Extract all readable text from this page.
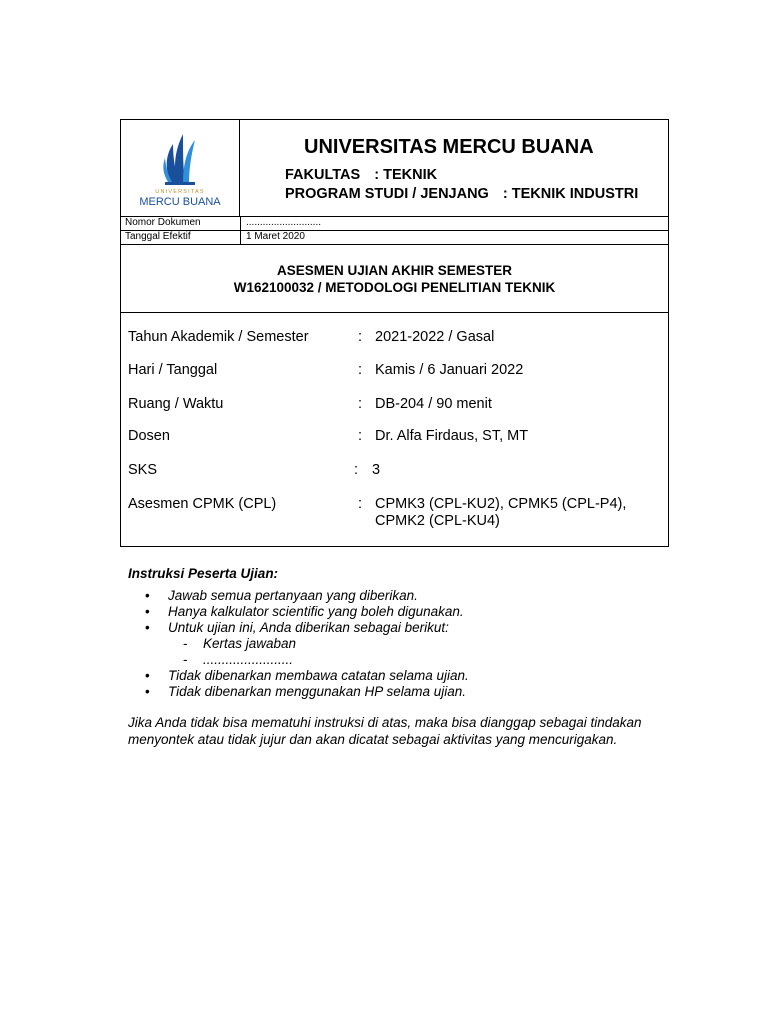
UNIVERSITAS
MERCU BUANA
UNIVERSITAS MERCU BUANA
FAKULTAS : TEKNIK
PROGRAM STUDI / JENJANG : TEKNIK INDUSTRI
Nomor Dokumen	...........................
Tanggal Efektif	1 Maret 2020
ASESMEN UJIAN AKHIR SEMESTER
W162100032 / METODOLOGI PENELITIAN TEKNIK
Tahun Akademik / Semester	: 2021-2022 / Gasal
Hari / Tanggal	: Kamis / 6 Januari 2022
Ruang / Waktu	: DB-204 / 90 menit
Dosen	: Dr. Alfa Firdaus, ST, MT
SKS	: 3
Asesmen CPMK (CPL)	: CPMK3 (CPL-KU2), CPMK5 (CPL-P4),
CPMK2 (CPL-KU4)
Instruksi Peserta Ujian:
• Jawab semua pertanyaan yang diberikan.
• Hanya kalkulator scientific yang boleh digunakan.
• Untuk ujian ini, Anda diberikan sebagai berikut:
- Kertas jawaban
- ........................
• Tidak dibenarkan membawa catatan selama ujian.
• Tidak dibenarkan menggunakan HP selama ujian.
Jika Anda tidak bisa mematuhi instruksi di atas, maka bisa dianggap sebagai tindakan menyontek atau tidak jujur dan akan dicatat sebagai aktivitas yang mencurigakan.
